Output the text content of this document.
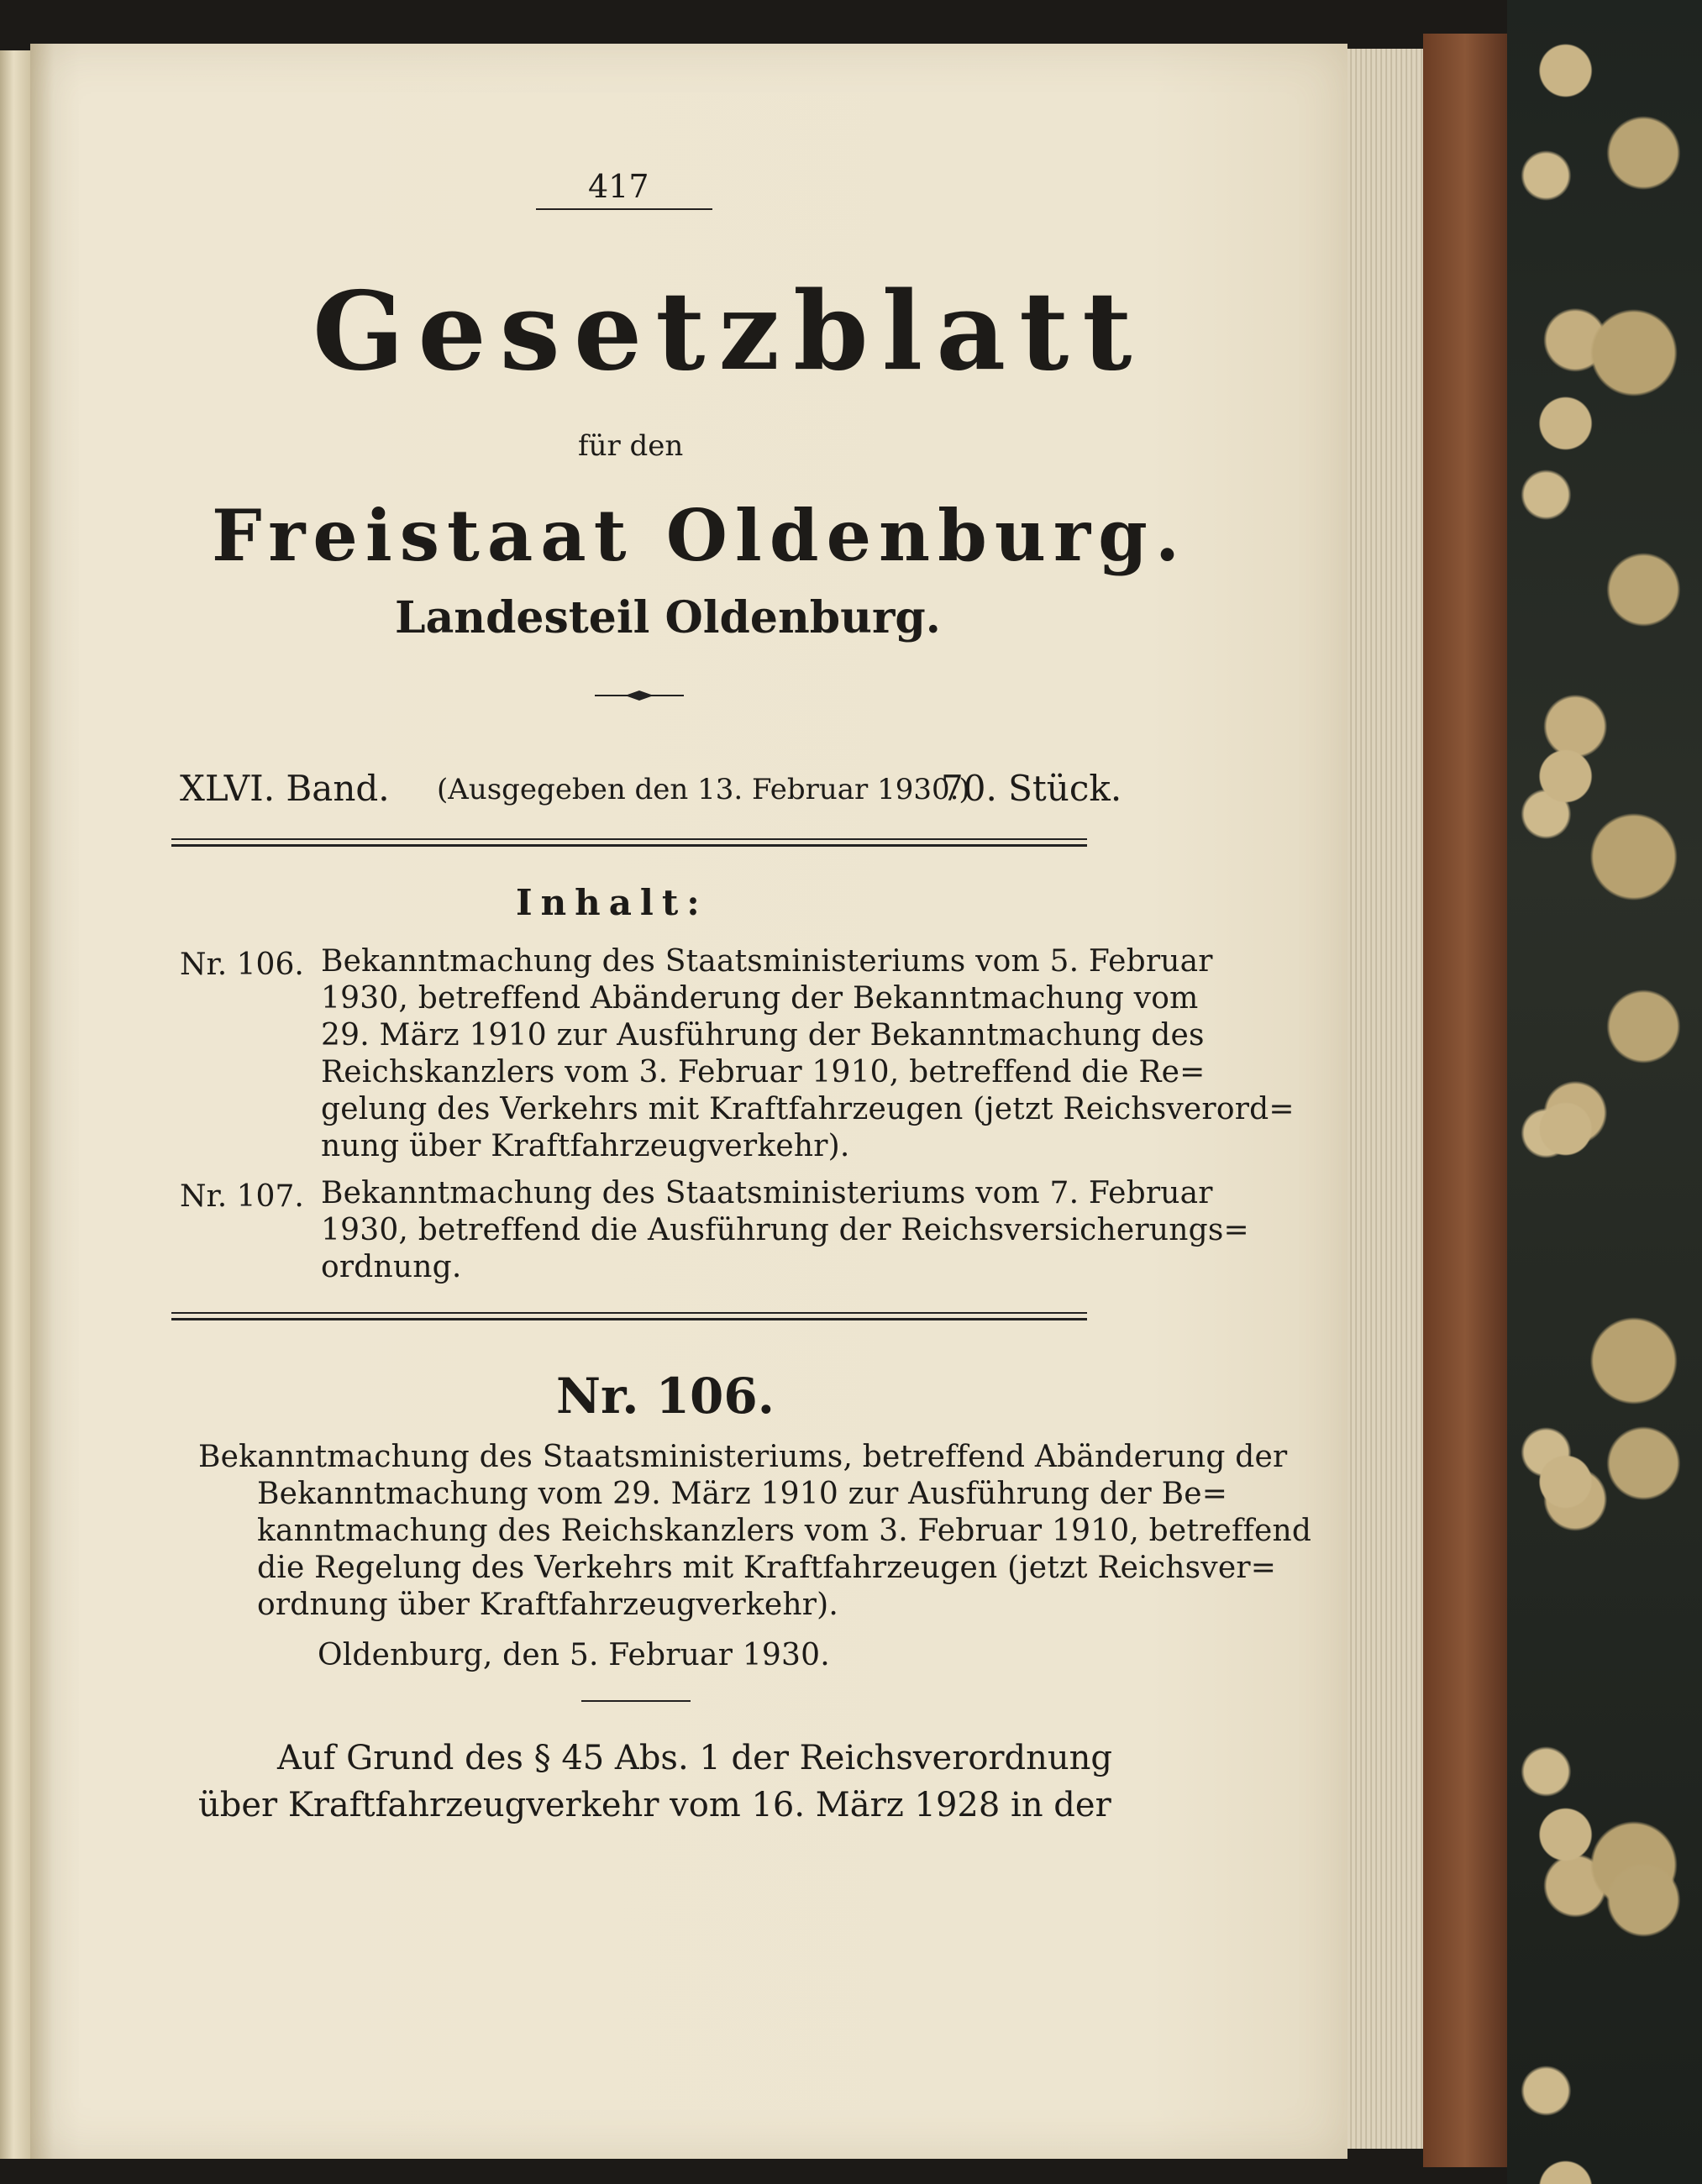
417
Gesetzblatt
für den
Freistaat Oldenburg.
Landesteil Oldenburg.
XLVI. Band. (Ausgegeben den 13. Februar 1930.)
70. Stück.
Inhalt:
Nr. 106. Bekanntmachung des Staatsministeriums vom 5. Februar
1930, betreffend Abänderung der Bekanntmachung vom
29. März 1910 zur Ausführung der Bekanntmachung des
Reichskanzlers vom 3. Februar 1910, betreffend die Re=
gelung des Verkehrs mit Kraftfahrzeugen (jetzt Reichsverord=
nung über Kraftfahrzeugverkehr).
Nr. 107. Bekanntmachung des Staatsministeriums vom 7. Februar
1930, betreffend die Ausführung der Reichsversicherungs=
ordnung.
Nr. 106.
Bekanntmachung des Staatsministeriums, betreffend Abänderung der
Bekanntmachung vom 29. März 1910 zur Ausführung der Be=
kanntmachung des Reichskanzlers vom 3. Februar 1910, betreffend
die Regelung des Verkehrs mit Kraftfahrzeugen (jetzt Reichsver=
ordnung über Kraftfahrzeugverkehr).
Oldenburg, den 5. Februar 1930.
Auf Grund des § 45 Abs. 1 der Reichsverordnung
über Kraftfahrzeugverkehr vom 16. März 1928 in der
